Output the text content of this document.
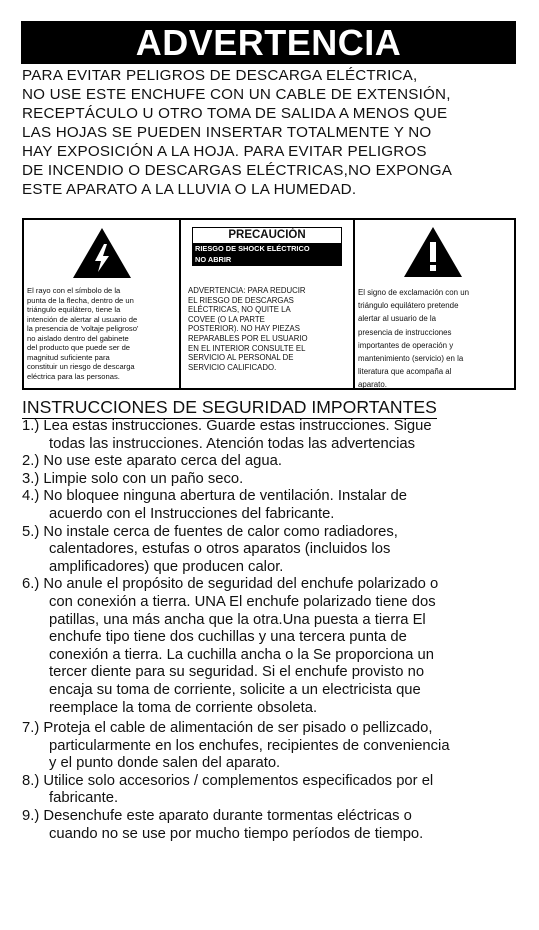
ADVERTENCIA
PARA EVITAR PELIGROS DE DESCARGA ELÉCTRICA,
NO USE ESTE ENCHUFE CON UN CABLE DE EXTENSIÓN,
RECEPTÁCULO U OTRO TOMA DE SALIDA A MENOS QUE
LAS HOJAS SE PUEDEN INSERTAR TOTALMENTE Y NO
HAY EXPOSICIÓN A LA HOJA. PARA EVITAR PELIGROS
DE INCENDIO O DESCARGAS ELÉCTRICAS,NO EXPONGA
ESTE APARATO A LA LLUVIA O LA HUMEDAD.
El rayo con el símbolo de la
punta de la flecha, dentro de un
triángulo equilátero, tiene la
intención de alertar al usuario de
la presencia de 'voltaje peligroso'
no aislado dentro del gabinete
del producto que puede ser de
magnitud suficiente para
constituir un riesgo de descarga
eléctrica para las personas.
PRECAUCIÓN
RIESGO DE SHOCK ELÉCTRICO
NO ABRIR
ADVERTENCIA: PARA REDUCIR
EL RIESGO DE DESCARGAS
ELÉCTRICAS, NO QUITE LA
COVEE (O LA PARTE
POSTERIOR). NO HAY PIEZAS
REPARABLES POR EL USUARIO
EN EL INTERIOR CONSULTE EL
SERVICIO AL PERSONAL DE
SERVICIO CALIFICADO.
El signo de exclamación con un
triángulo equilátero pretende
alertar al usuario de la
presencia de instrucciones
importantes de operación y
mantenimiento (servicio) en la
literatura que acompaña al
aparato.
INSTRUCCIONES DE SEGURIDAD IMPORTANTES
1.) Lea estas instrucciones. Guarde estas instrucciones. Sigue
todas las instrucciones. Atención todas las advertencias
2.) No use este aparato cerca del agua.
3.) Limpie solo con un paño seco.
4.) No bloquee ninguna abertura de ventilación. Instalar de
acuerdo con el Instrucciones del fabricante.
5.) No instale cerca de fuentes de calor como radiadores,
calentadores, estufas o otros aparatos (incluidos los
amplificadores) que producen calor.
6.) No anule el propósito de seguridad del enchufe polarizado o
con conexión a tierra. UNA El enchufe polarizado tiene dos
patillas, una más ancha que la otra.Una puesta a tierra El
enchufe tipo tiene dos cuchillas y una tercera punta de
conexión a tierra. La cuchilla ancha o la Se proporciona un
tercer diente para su seguridad. Si el enchufe provisto no
encaja su toma de corriente, solicite a un electricista que
reemplace la toma de corriente obsoleta.
7.) Proteja el cable de alimentación de ser pisado o pellizcado,
particularmente en los enchufes, recipientes de conveniencia
y el punto donde salen del aparato.
8.) Utilice solo accesorios / complementos especificados por el
fabricante.
9.) Desenchufe este aparato durante tormentas eléctricas o
cuando no se use por mucho tiempo períodos de tiempo.
